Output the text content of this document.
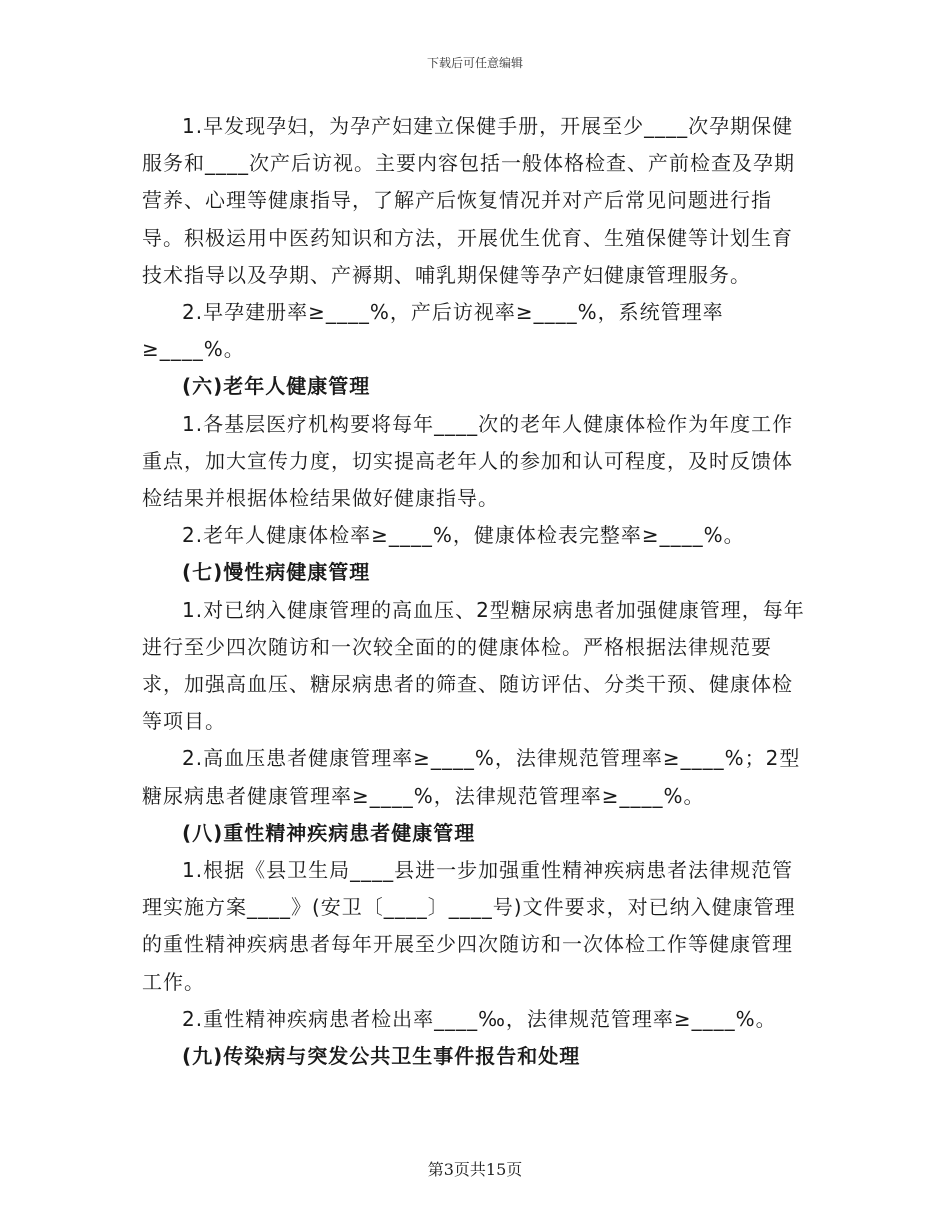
下载后可任意编辑

1.早发现孕妇，为孕产妇建立保健手册，开展至少____次孕期保健服务和____次产后访视。主要内容包括一般体格检查、产前检查及孕期营养、心理等健康指导，了解产后恢复情况并对产后常见问题进行指导。积极运用中医药知识和方法，开展优生优育、生殖保健等计划生育技术指导以及孕期、产褥期、哺乳期保健等孕产妇健康管理服务。

2.早孕建册率≥____%，产后访视率≥____%，系统管理率≥____%。

(六)老年人健康管理

1.各基层医疗机构要将每年____次的老年人健康体检作为年度工作重点，加大宣传力度，切实提高老年人的参加和认可程度，及时反馈体检结果并根据体检结果做好健康指导。

2.老年人健康体检率≥____%，健康体检表完整率≥____%。

(七)慢性病健康管理

1.对已纳入健康管理的高血压、2型糖尿病患者加强健康管理，每年进行至少四次随访和一次较全面的的健康体检。严格根据法律规范要求，加强高血压、糖尿病患者的筛查、随访评估、分类干预、健康体检等项目。

2.高血压患者健康管理率≥____%，法律规范管理率≥____%；2型糖尿病患者健康管理率≥____%，法律规范管理率≥____%。

(八)重性精神疾病患者健康管理

1.根据《县卫生局____县进一步加强重性精神疾病患者法律规范管理实施方案____》(安卫〔____〕____号)文件要求，对已纳入健康管理的重性精神疾病患者每年开展至少四次随访和一次体检工作等健康管理工作。

2.重性精神疾病患者检出率____‰，法律规范管理率≥____%。

(九)传染病与突发公共卫生事件报告和处理

第3页共15页
